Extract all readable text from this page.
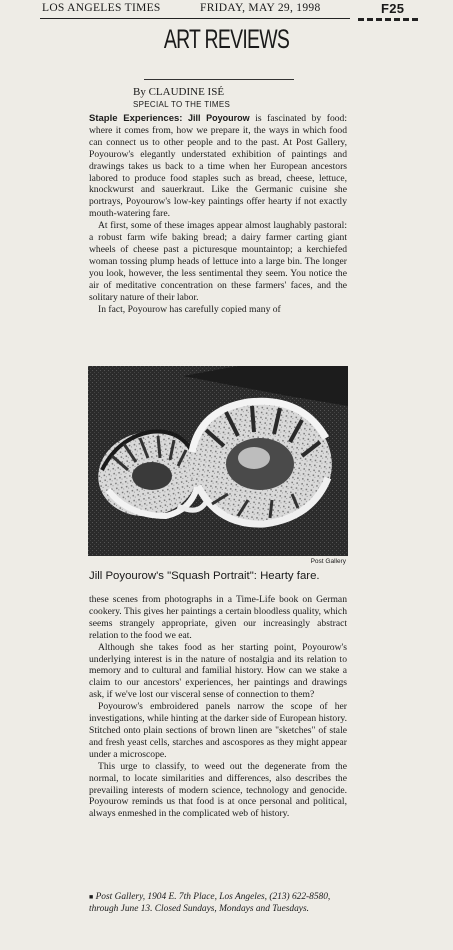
LOS ANGELES TIMES	FRIDAY, MAY 29, 1998	F25
ART REVIEWS
By CLAUDINE ISÉ
SPECIAL TO THE TIMES

Staple Experiences: Jill Poyourow is fascinated by food: where it comes from, how we prepare it, the ways in which food can connect us to other people and to the past. At Post Gallery, Poyourow's elegantly understated exhibition of paintings and drawings takes us back to a time when her European ancestors labored to produce food staples such as bread, cheese, lettuce, knockwurst and sauerkraut. Like the Germanic cuisine she portrays, Poyourow's low-key paintings offer hearty if not exactly mouth-watering fare.

At first, some of these images appear almost laughably pastoral: a robust farm wife baking bread; a dairy farmer carting giant wheels of cheese past a picturesque mountaintop; a kerchiefed woman tossing plump heads of lettuce into a large bin. The longer you look, however, the less sentimental they seem. You notice the air of meditative concentration on these farmers' faces, and the solitary nature of their labor.

In fact, Poyourow has carefully copied many of

Post Gallery
Jill Poyourow's "Squash Portrait": Hearty fare.

these scenes from photographs in a Time-Life book on German cookery. This gives her paintings a certain bloodless quality, which seems strangely appropriate, given our increasingly abstract relation to the food we eat.

Although she takes food as her starting point, Poyourow's underlying interest is in the nature of nostalgia and its relation to memory and to cultural and familial history. How can we stake a claim to our ancestors' experiences, her paintings and drawings ask, if we've lost our visceral sense of connection to them?

Poyourow's embroidered panels narrow the scope of her investigations, while hinting at the darker side of European history. Stitched onto plain sections of brown linen are "sketches" of stale and fresh yeast cells, starches and ascospores as they might appear under a microscope.

This urge to classify, to weed out the degenerate from the normal, to locate similarities and differences, also describes the prevailing interests of modern science, technology and genocide. Poyourow reminds us that food is at once personal and political, always enmeshed in the complicated web of history.

■ Post Gallery, 1904 E. 7th Place, Los Angeles, (213) 622-8580, through June 13. Closed Sundays, Mondays and Tuesdays.
